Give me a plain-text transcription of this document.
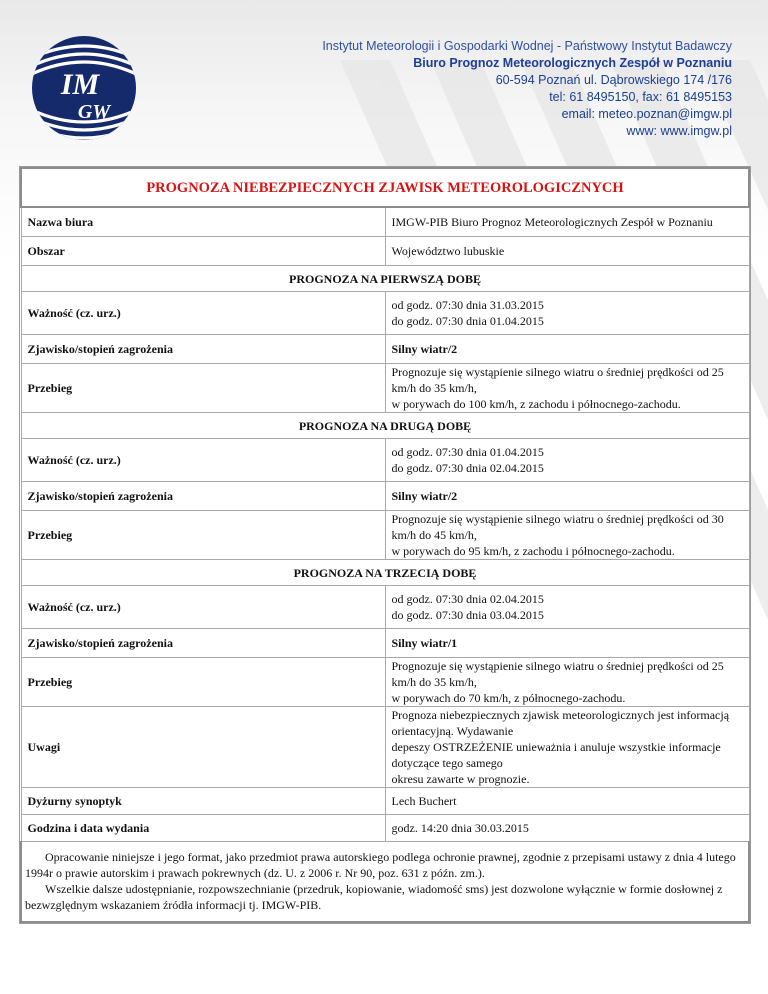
IM
GW
Instytut Meteorologii i Gospodarki Wodnej - Państwowy Instytut Badawczy
Biuro Prognoz Meteorologicznych Zespół w Poznaniu
60-594 Poznań ul. Dąbrowskiego 174 /176
tel: 61 8495150, fax: 61 8495153
email: meteo.poznan@imgw.pl
www: www.imgw.pl
PROGNOZA NIEBEZPIECZNYCH ZJAWISK METEOROLOGICZNYCH	
Nazwa biura	IMGW-PIB Biuro Prognoz Meteorologicznych Zespół w Poznaniu
Obszar	Województwo lubuskie
PROGNOZA NA PIERWSZĄ DOBĘ	
Ważność (cz. urz.)	od godz. 07:30 dnia 31.03.2015
do godz. 07:30 dnia 01.04.2015

Zjawisko/stopień zagrożenia	Silny wiatr/2
Przebieg	Prognozuje się wystąpienie silnego wiatru o średniej prędkości od 25 km/h do 35 km/h,
w porywach do 100 km/h, z zachodu i północnego-zachodu.

PROGNOZA NA DRUGĄ DOBĘ	
Ważność (cz. urz.)	od godz. 07:30 dnia 01.04.2015
do godz. 07:30 dnia 02.04.2015

Zjawisko/stopień zagrożenia	Silny wiatr/2
Przebieg	Prognozuje się wystąpienie silnego wiatru o średniej prędkości od 30 km/h do 45 km/h,
w porywach do 95 km/h, z zachodu i północnego-zachodu.

PROGNOZA NA TRZECIĄ DOBĘ	
Ważność (cz. urz.)	od godz. 07:30 dnia 02.04.2015
do godz. 07:30 dnia 03.04.2015

Zjawisko/stopień zagrożenia	Silny wiatr/1
Przebieg	Prognozuje się wystąpienie silnego wiatru o średniej prędkości od 25 km/h do 35 km/h,
w porywach do 70 km/h, z północnego-zachodu.

Uwagi	Prognoza niebezpiecznych zjawisk meteorologicznych jest informacją orientacyjną. Wydawanie
depeszy OSTRZEŻENIE unieważnia i anuluje wszystkie informacje dotyczące tego samego
okresu zawarte w prognozie.

Dyżurny synoptyk	Lech Buchert
Godzina i data wydania	godz. 14:20 dnia 30.03.2015

Opracowanie niniejsze i jego format, jako przedmiot prawa autorskiego podlega ochronie prawnej, zgodnie z przepisami ustawy z dnia 4 lutego 1994r o prawie autorskim i prawach pokrewnych (dz. U. z 2006 r. Nr 90, poz. 631 z późn. zm.).

Wszelkie dalsze udostępnianie, rozpowszechnianie (przedruk, kopiowanie, wiadomość sms) jest dozwolone wyłącznie w formie dosłownej z bezwzględnym wskazaniem źródła informacji tj. IMGW-PIB.	
